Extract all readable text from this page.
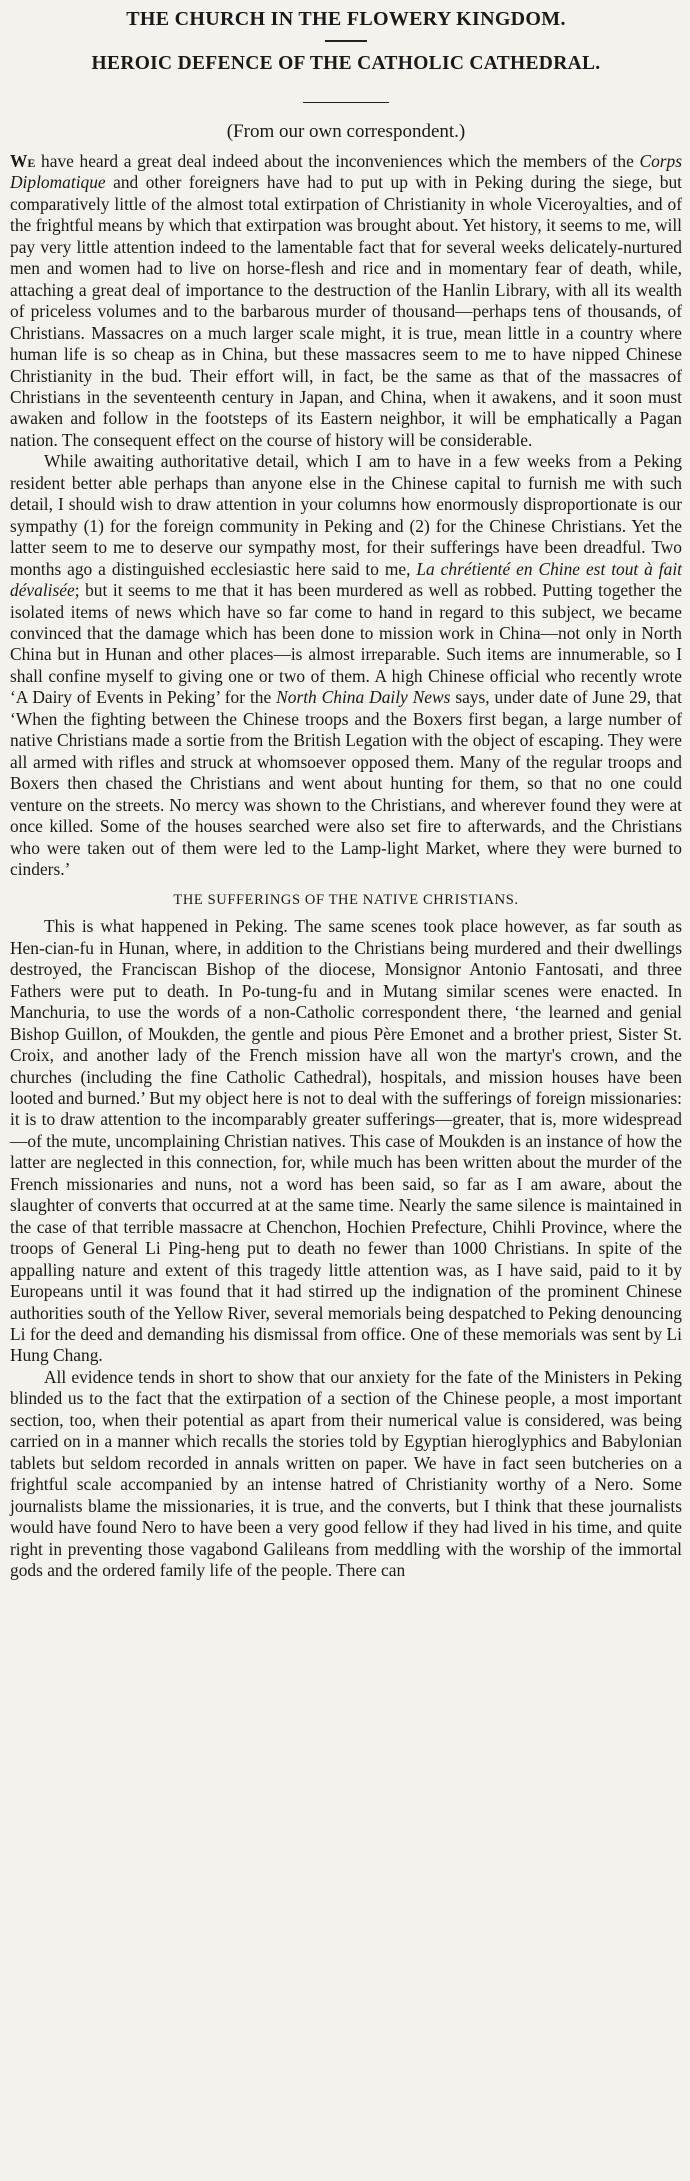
THE CHURCH IN THE FLOWERY KINGDOM.
HEROIC DEFENCE OF THE CATHOLIC CATHEDRAL.
(From our own correspondent.)

We have heard a great deal indeed about the inconveniences which the members of the Corps Diplomatique and other foreigners have had to put up with in Peking during the siege, but comparatively little of the almost total extirpation of Christianity in whole Viceroyalties, and of the frightful means by which that extirpation was brought about. Yet history, it seems to me, will pay very little attention indeed to the lamentable fact that for several weeks delicately-nurtured men and women had to live on horse-flesh and rice and in momentary fear of death, while, attaching a great deal of importance to the destruction of the Hanlin Library, with all its wealth of priceless volumes and to the barbarous murder of thousand—perhaps tens of thousands, of Christians. Massacres on a much larger scale might, it is true, mean little in a country where human life is so cheap as in China, but these massacres seem to me to have nipped Chinese Christianity in the bud. Their effort will, in fact, be the same as that of the massacres of Christians in the seventeenth century in Japan, and China, when it awakens, and it soon must awaken and follow in the footsteps of its Eastern neighbor, it will be emphatically a Pagan nation. The consequent effect on the course of history will be considerable.

While awaiting authoritative detail, which I am to have in a few weeks from a Peking resident better able perhaps than anyone else in the Chinese capital to furnish me with such detail, I should wish to draw attention in your columns how enormously disproportionate is our sympathy (1) for the foreign community in Peking and (2) for the Chinese Christians. Yet the latter seem to me to deserve our sympathy most, for their sufferings have been dreadful. Two months ago a distinguished ecclesiastic here said to me, La chrétienté en Chine est tout à fait dévalisée; but it seems to me that it has been murdered as well as robbed. Putting together the isolated items of news which have so far come to hand in regard to this subject, we became convinced that the damage which has been done to mission work in China—not only in North China but in Hunan and other places—is almost irreparable. Such items are innumerable, so I shall confine myself to giving one or two of them. A high Chinese official who recently wrote ‘A Dairy of Events in Peking’ for the North China Daily News says, under date of June 29, that ‘When the fighting between the Chinese troops and the Boxers first began, a large number of native Christians made a sortie from the British Legation with the object of escaping. They were all armed with rifles and struck at whomsoever opposed them. Many of the regular troops and Boxers then chased the Christians and went about hunting for them, so that no one could venture on the streets. No mercy was shown to the Christians, and wherever found they were at once killed. Some of the houses searched were also set fire to afterwards, and the Christians who were taken out of them were led to the Lamp-light Market, where they were burned to cinders.’

THE SUFFERINGS OF THE NATIVE CHRISTIANS.

This is what happened in Peking. The same scenes took place however, as far south as Hen-cian-fu in Hunan, where, in addition to the Christians being murdered and their dwellings destroyed, the Franciscan Bishop of the diocese, Monsignor Antonio Fantosati, and three Fathers were put to death. In Po-tung-fu and in Mutang similar scenes were enacted. In Manchuria, to use the words of a non-Catholic correspondent there, ‘the learned and genial Bishop Guillon, of Moukden, the gentle and pious Père Emonet and a brother priest, Sister St. Croix, and another lady of the French mission have all won the martyr's crown, and the churches (including the fine Catholic Cathedral), hospitals, and mission houses have been looted and burned.’ But my object here is not to deal with the sufferings of foreign missionaries: it is to draw attention to the incomparably greater sufferings—greater, that is, more widespread—of the mute, uncomplaining Christian natives. This case of Moukden is an instance of how the latter are neglected in this connection, for, while much has been written about the murder of the French missionaries and nuns, not a word has been said, so far as I am aware, about the slaughter of converts that occurred at at the same time. Nearly the same silence is maintained in the case of that terrible massacre at Chenchon, Hochien Prefecture, Chihli Province, where the troops of General Li Ping-heng put to death no fewer than 1000 Christians. In spite of the appalling nature and extent of this tragedy little attention was, as I have said, paid to it by Europeans until it was found that it had stirred up the indignation of the prominent Chinese authorities south of the Yellow River, several memorials being despatched to Peking denouncing Li for the deed and demanding his dismissal from office. One of these memorials was sent by Li Hung Chang.

All evidence tends in short to show that our anxiety for the fate of the Ministers in Peking blinded us to the fact that the extirpation of a section of the Chinese people, a most important section, too, when their potential as apart from their numerical value is considered, was being carried on in a manner which recalls the stories told by Egyptian hieroglyphics and Babylonian tablets but seldom recorded in annals written on paper. We have in fact seen butcheries on a frightful scale accompanied by an intense hatred of Christianity worthy of a Nero. Some journalists blame the missionaries, it is true, and the converts, but I think that these journalists would have found Nero to have been a very good fellow if they had lived in his time, and quite right in preventing those vagabond Galileans from meddling with the worship of the immortal gods and the ordered family life of the people. There can
